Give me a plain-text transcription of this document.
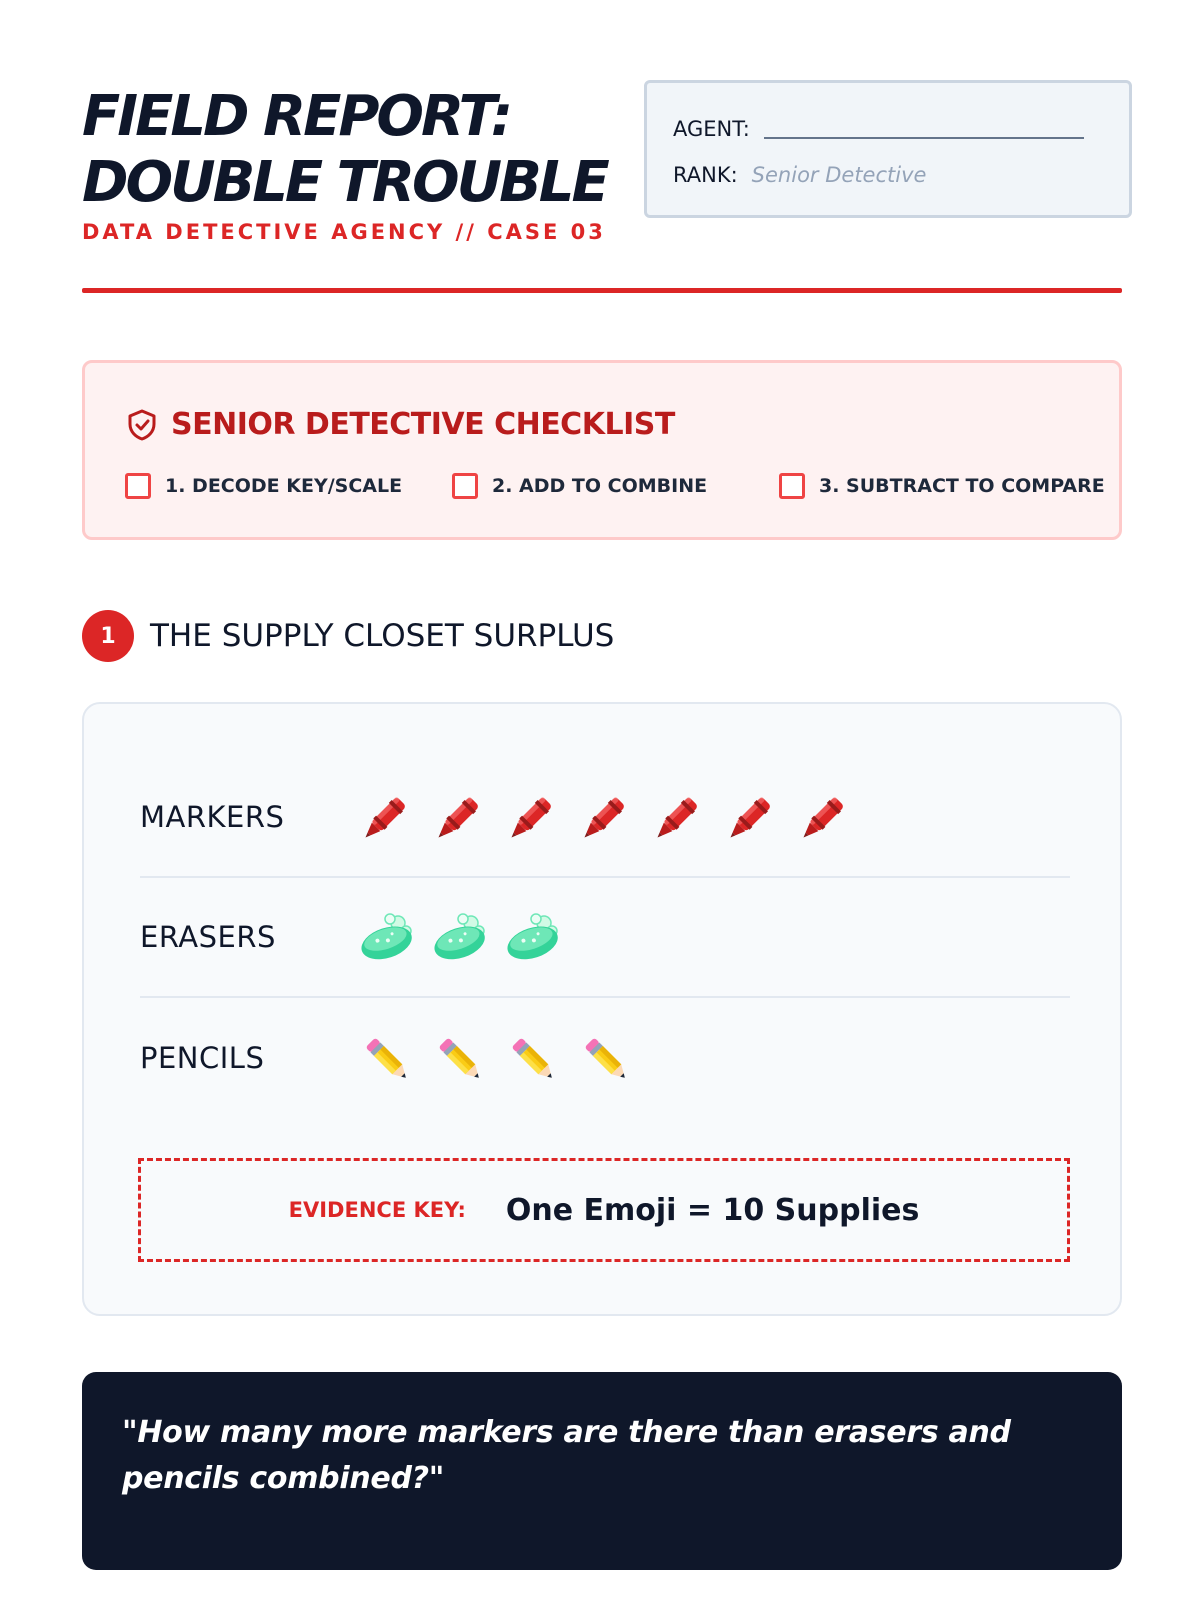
FIELD REPORT:
DOUBLE TROUBLE
DATA DETECTIVE AGENCY // CASE 03
AGENT:
RANK: Senior Detective
SENIOR DETECTIVE CHECKLIST
1. DECODE KEY/SCALE	2. ADD TO COMBINE	3. SUBTRACT TO COMPARE
1	THE SUPPLY CLOSET SURPLUS
MARKERS
ERASERS
PENCILS
EVIDENCE KEY: One Emoji = 10 Supplies

"How many more markers are there than erasers and pencils combined?"
